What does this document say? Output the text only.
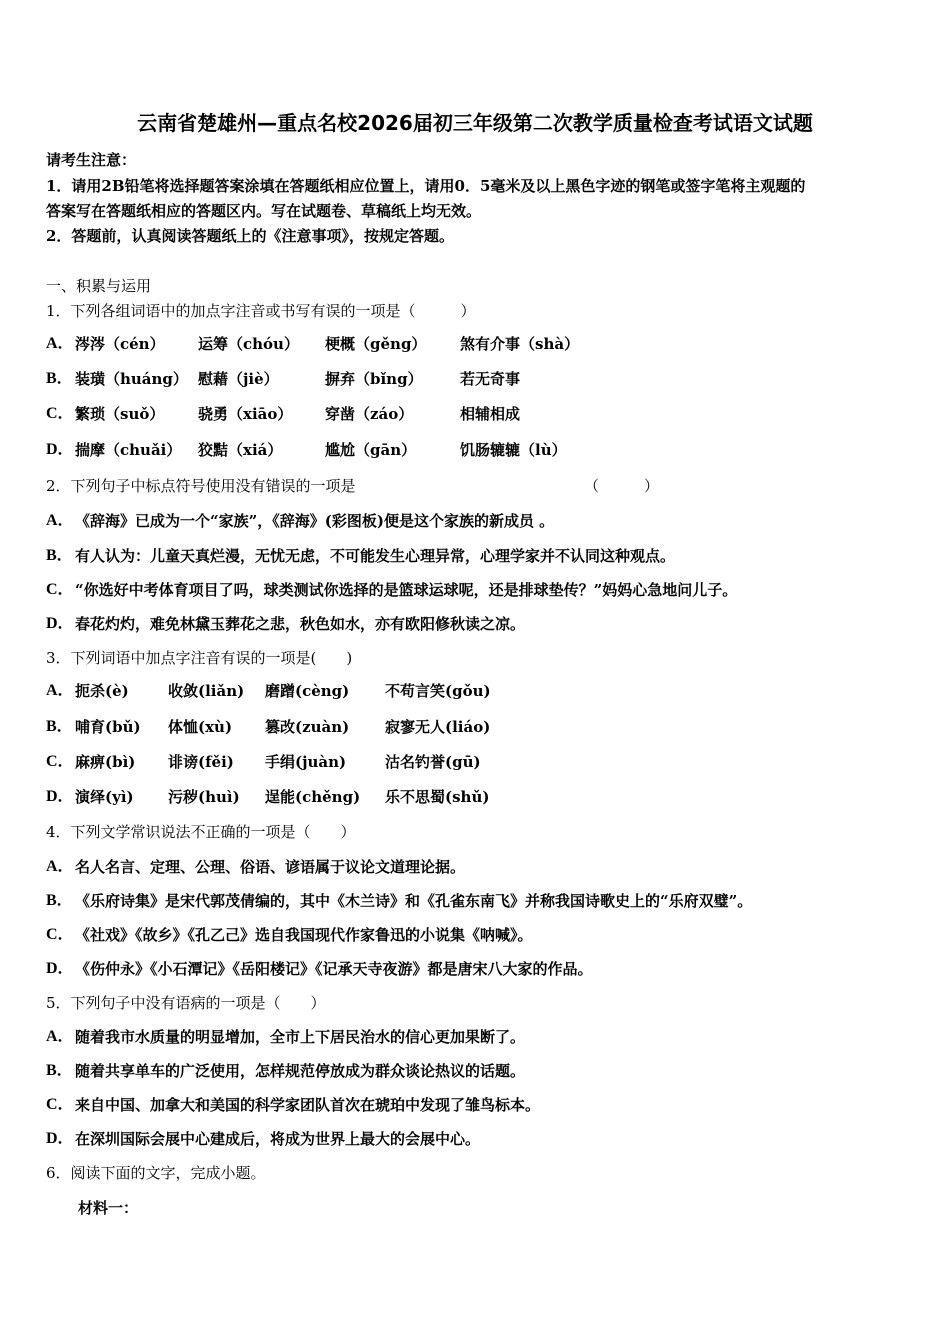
云南省楚雄州—重点名校2026届初三年级第二次教学质量检查考试语文试题
请考生注意：
1．请用2B铅笔将选择题答案涂填在答题纸相应位置上，请用0．5毫米及以上黑色字迹的钢笔或签字笔将主观题的
答案写在答题纸相应的答题区内。写在试题卷、草稿纸上均无效。
2．答题前，认真阅读答题纸上的《注意事项》，按规定答题。
一、积累与运用
1．下列各组词语中的加点字注音或书写有误的一项是（　　　）
2．下列句子中标点符号使用没有错误的一项是	（　　　）
3．下列词语中加点字注音有误的一项是(　　)
4．下列文学常识说法不正确的一项是（　　）
5．下列句子中没有语病的一项是（　　）
6．阅读下面的文字，完成小题。
材料一：
A． 涔涔（cén） 运筹（chóu） 梗概（gěng） 煞有介事（shà）
B． 装璜（huáng） 慰藉（jiè）	摒弃（bǐng） 若无奇事
C． 繁琐（suǒ） 骁勇（xiāo） 穿凿（záo）	相辅相成
D． 揣摩（chuǎi） 狡黠（xiá）	尴尬（gān）	饥肠辘辘（lù）
A． 《辞海》已成为一个“家族”，《辞海》(彩图板)便是这个家族的新成员 。
B． 有人认为：儿童天真烂漫，无忧无虑，不可能发生心理异常，心理学家并不认同这种观点。
C． “你选好中考体育项目了吗，球类测试你选择的是篮球运球呢，还是排球垫传？”妈妈心急地问儿子。
D． 春花灼灼，难免林黛玉葬花之悲，秋色如水，亦有欧阳修秋读之凉。
A． 扼杀(è)	收敛(liǎn) 磨蹭(cèng) 不苟言笑(gǒu)
B． 哺育(bǔ) 体恤(xù) 篡改(zuàn) 寂寥无人(liáo)
C． 麻痹(bì) 诽谤(fěi) 手绢(juàn)	沽名钓誉(gū)
D． 演绎(yì) 污秽(huì) 逞能(chěng) 乐不思蜀(shǔ)
A． 名人名言、定理、公理、俗语、谚语属于议论文道理论据。
B． 《乐府诗集》是宋代郭茂倩编的，其中《木兰诗》和《孔雀东南飞》并称我国诗歌史上的“乐府双璧”。
C． 《社戏》《故乡》《孔乙己》选自我国现代作家鲁迅的小说集《呐喊》。
D． 《伤仲永》《小石潭记》《岳阳楼记》《记承天寺夜游》都是唐宋八大家的作品。
A． 随着我市水质量的明显增加，全市上下居民治水的信心更加果断了。
B． 随着共享单车的广泛使用，怎样规范停放成为群众谈论热议的话题。
C． 来自中国、加拿大和美国的科学家团队首次在琥珀中发现了雏鸟标本。
D． 在深圳国际会展中心建成后，将成为世界上最大的会展中心。
